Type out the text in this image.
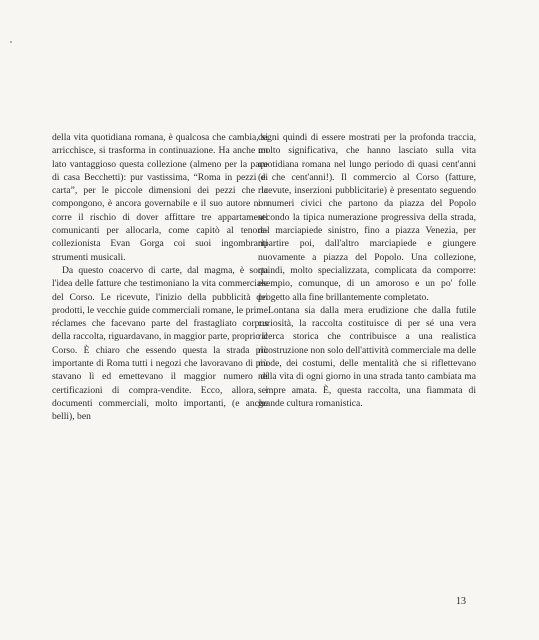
della vita quotidiana romana, è qualcosa che cambia, si arricchisce, si trasforma in continuazione. Ha anche un lato vantaggioso questa collezione (almeno per la pace di casa Becchetti): pur vastissima, “Roma in pezzi di carta”, per le piccole dimensioni dei pezzi che la compongono, è ancora governabile e il suo autore non corre il rischio di dover affittare tre appartamenti comunicanti per allocarla, come capitò al tenore-collezionista Evan Gorga coi suoi ingombranti strumenti musicali.

Da questo coacervo di carte, dal magma, è sorta l'idea delle fatture che testimoniano la vita commerciale del Corso. Le ricevute, l'inizio della pubblicità dei prodotti, le vecchie guide commerciali romane, le prime réclames che facevano parte del frastagliato corpus della raccolta, riguardavano, in maggior parte, proprio il Corso. È chiaro che essendo questa la strada più importante di Roma tutti i negozi che lavoravano di più stavano lì ed emettevano il maggior numero di certificazioni di compra-vendite. Ecco, allora, i documenti commerciali, molto importanti, (e anche belli), ben

degni quindi di essere mostrati per la profonda traccia, molto significativa, che hanno lasciato sulla vita quotidiana romana nel lungo periodo di quasi cent'anni (e che cent'anni!). Il commercio al Corso (fatture, ricevute, inserzioni pubblicitarie) è presentato seguendo i numeri civici che partono da piazza del Popolo secondo la tipica numerazione progressiva della strada, dal marciapiede sinistro, fino a piazza Venezia, per ripartire poi, dall'altro marciapiede e giungere nuovamente a piazza del Popolo. Una collezione, quindi, molto specializzata, complicata da comporre: esempio, comunque, di un amoroso e un po' folle progetto alla fine brillantemente completato.

Lontana sia dalla mera erudizione che dalla futile curiosità, la raccolta costituisce di per sé una vera ricerca storica che contribuisce a una realistica ricostruzione non solo dell'attività commerciale ma delle mode, dei costumi, delle mentalità che si riflettevano nella vita di ogni giorno in una strada tanto cambiata ma sempre amata. È, questa raccolta, una fiammata di grande cultura romanistica.

13
